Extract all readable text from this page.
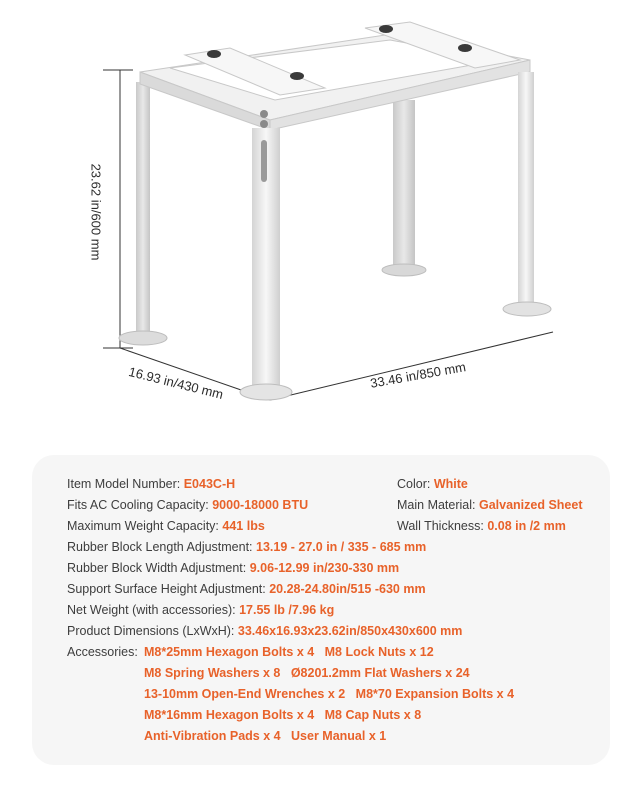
23.62 in/600 mm
16.93 in/430 mm	33.46 in/850 mm
Item Model Number: E043C-H	Color: White
Fits AC Cooling Capacity: 9000-18000 BTU	Main Material: Galvanized Sheet
Maximum Weight Capacity: 441 lbs	Wall Thickness: 0.08 in /2 mm
Rubber Block Length Adjustment: 13.19 - 27.0 in / 335 - 685 mm
Rubber Block Width Adjustment: 9.06-12.99 in/230-330 mm
Support Surface Height Adjustment: 20.28-24.80in/515 -630 mm
Net Weight (with accessories): 17.55 lb /7.96 kg
Product Dimensions (LxWxH): 33.46x16.93x23.62in/850x430x600 mm
Accessories: M8*25mm Hexagon Bolts x 4 M8 Lock Nuts x 12
M8 Spring Washers x 8 Ø8201.2mm Flat Washers x 24
13-10mm Open-End Wrenches x 2 M8*70 Expansion Bolts x 4
M8*16mm Hexagon Bolts x 4 M8 Cap Nuts x 8
Anti-Vibration Pads x 4 User Manual x 1
